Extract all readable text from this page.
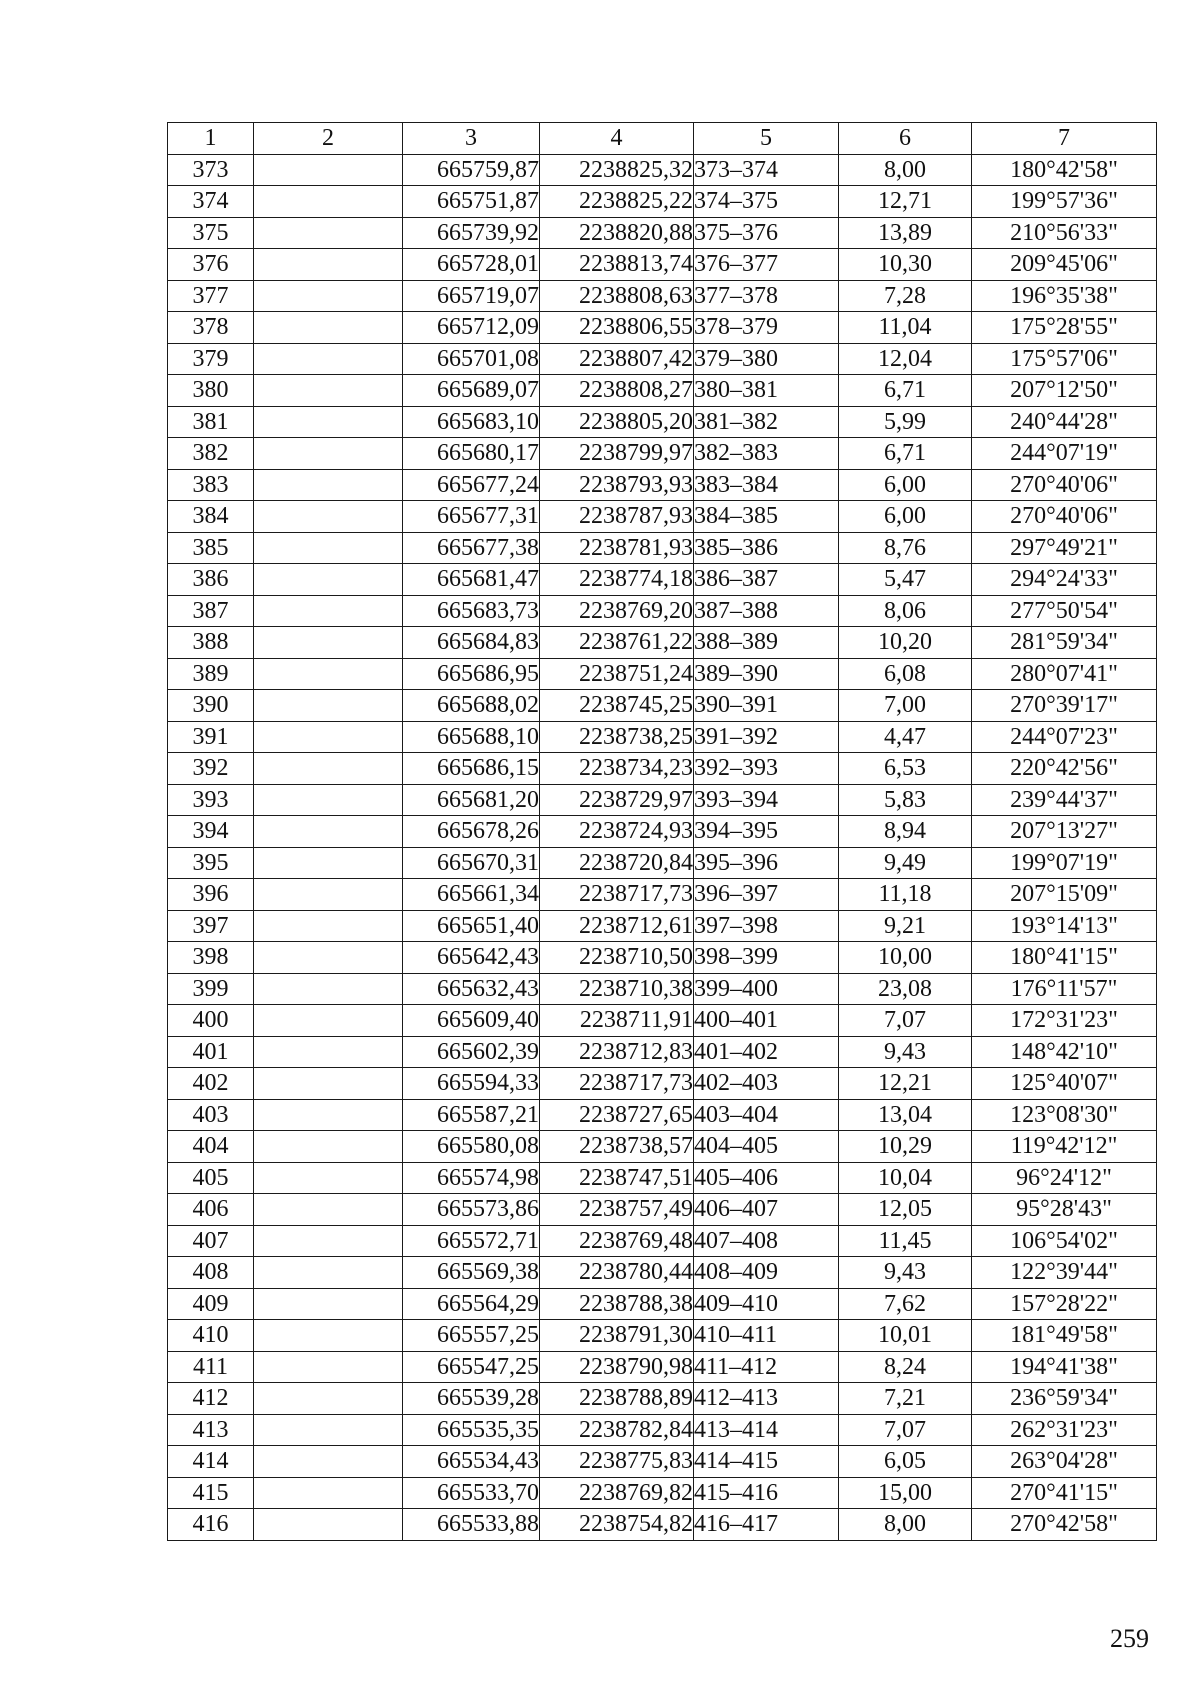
1	2	3	4	5	6	7
373		665759,87	2238825,32	373–374	8,00	180°42'58"
374		665751,87	2238825,22	374–375	12,71	199°57'36"
375		665739,92	2238820,88	375–376	13,89	210°56'33"
376		665728,01	2238813,74	376–377	10,30	209°45'06"
377		665719,07	2238808,63	377–378	7,28	196°35'38"
378		665712,09	2238806,55	378–379	11,04	175°28'55"
379		665701,08	2238807,42	379–380	12,04	175°57'06"
380		665689,07	2238808,27	380–381	6,71	207°12'50"
381		665683,10	2238805,20	381–382	5,99	240°44'28"
382		665680,17	2238799,97	382–383	6,71	244°07'19"
383		665677,24	2238793,93	383–384	6,00	270°40'06"
384		665677,31	2238787,93	384–385	6,00	270°40'06"
385		665677,38	2238781,93	385–386	8,76	297°49'21"
386		665681,47	2238774,18	386–387	5,47	294°24'33"
387		665683,73	2238769,20	387–388	8,06	277°50'54"
388		665684,83	2238761,22	388–389	10,20	281°59'34"
389		665686,95	2238751,24	389–390	6,08	280°07'41"
390		665688,02	2238745,25	390–391	7,00	270°39'17"
391		665688,10	2238738,25	391–392	4,47	244°07'23"
392		665686,15	2238734,23	392–393	6,53	220°42'56"
393		665681,20	2238729,97	393–394	5,83	239°44'37"
394		665678,26	2238724,93	394–395	8,94	207°13'27"
395		665670,31	2238720,84	395–396	9,49	199°07'19"
396		665661,34	2238717,73	396–397	11,18	207°15'09"
397		665651,40	2238712,61	397–398	9,21	193°14'13"
398		665642,43	2238710,50	398–399	10,00	180°41'15"
399		665632,43	2238710,38	399–400	23,08	176°11'57"
400		665609,40	2238711,91	400–401	7,07	172°31'23"
401		665602,39	2238712,83	401–402	9,43	148°42'10"
402		665594,33	2238717,73	402–403	12,21	125°40'07"
403		665587,21	2238727,65	403–404	13,04	123°08'30"
404		665580,08	2238738,57	404–405	10,29	119°42'12"
405		665574,98	2238747,51	405–406	10,04	96°24'12"
406		665573,86	2238757,49	406–407	12,05	95°28'43"
407		665572,71	2238769,48	407–408	11,45	106°54'02"
408		665569,38	2238780,44	408–409	9,43	122°39'44"
409		665564,29	2238788,38	409–410	7,62	157°28'22"
410		665557,25	2238791,30	410–411	10,01	181°49'58"
411		665547,25	2238790,98	411–412	8,24	194°41'38"
412		665539,28	2238788,89	412–413	7,21	236°59'34"
413		665535,35	2238782,84	413–414	7,07	262°31'23"
414		665534,43	2238775,83	414–415	6,05	263°04'28"
415		665533,70	2238769,82	415–416	15,00	270°41'15"
416		665533,88	2238754,82	416–417	8,00	270°42'58"
259
